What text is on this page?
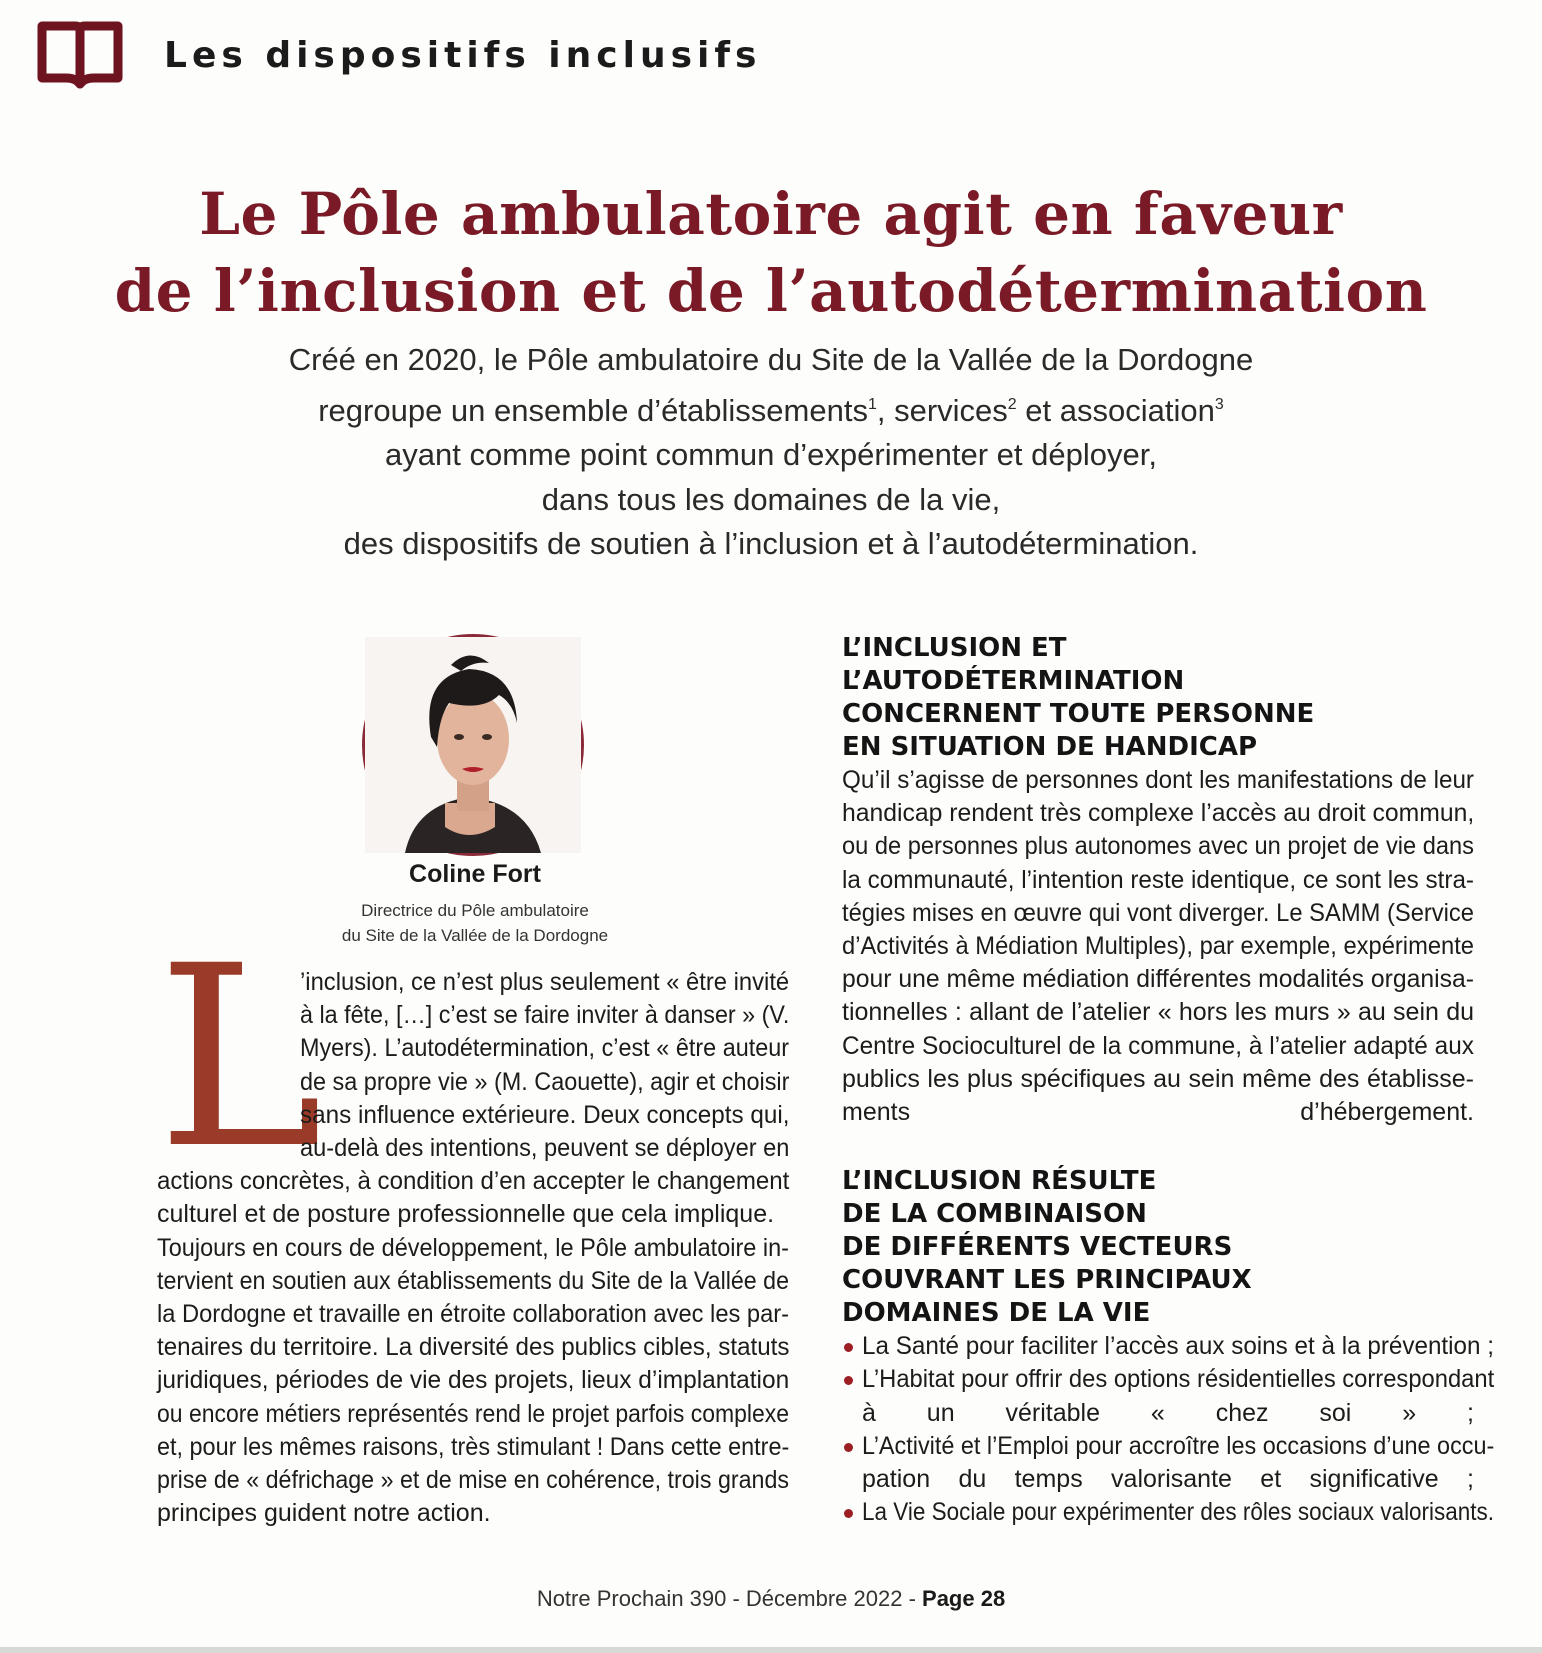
Les dispositifs inclusifs
Le Pôle ambulatoire agit en faveur
de l’inclusion et de l’autodétermination
Créé en 2020, le Pôle ambulatoire du Site de la Vallée de la Dordogne
regroupe un ensemble d’établissements$^1$, services$^2$ et association$^3$
ayant comme point commun d’expérimenter et déployer,
dans tous les domaines de la vie,
des dispositifs de soutien à l’inclusion et à l’autodétermination.
Coline Fort
Directrice du Pôle ambulatoire
du Site de la Vallée de la Dordogne
L
’inclusion, ce n’est plus seulement « être invité
à la fête, […] c’est se faire inviter à danser » (V.
Myers). L’autodétermination, c’est « être auteur
de sa propre vie » (M. Caouette), agir et choisir
sans influence extérieure. Deux concepts qui,
au-delà des intentions, peuvent se déployer en
actions concrètes, à condition d’en accepter le changement
culturel et de posture professionnelle que cela implique.
Toujours en cours de développement, le Pôle ambulatoire in-
tervient en soutien aux établissements du Site de la Vallée de
la Dordogne et travaille en étroite collaboration avec les par-
tenaires du territoire. La diversité des publics cibles, statuts
juridiques, périodes de vie des projets, lieux d’implantation
ou encore métiers représentés rend le projet parfois complexe
et, pour les mêmes raisons, très stimulant ! Dans cette entre-
prise de « défrichage » et de mise en cohérence, trois grands
principes guident notre action.
L’INCLUSION ET
L’AUTODÉTERMINATION
CONCERNENT TOUTE PERSONNE
EN SITUATION DE HANDICAP
Qu’il s’agisse de personnes dont les manifestations de leur
handicap rendent très complexe l’accès au droit commun,
ou de personnes plus autonomes avec un projet de vie dans
la communauté, l’intention reste identique, ce sont les stra-
tégies mises en œuvre qui vont diverger. Le SAMM (Service
d’Activités à Médiation Multiples), par exemple, expérimente
pour une même médiation différentes modalités organisa-
tionnelles : allant de l’atelier « hors les murs » au sein du
Centre Socioculturel de la commune, à l’atelier adapté aux
publics les plus spécifiques au sein même des établisse-
ments d’hébergement.
L’INCLUSION RÉSULTE
DE LA COMBINAISON
DE DIFFÉRENTS VECTEURS
COUVRANT LES PRINCIPAUX
DOMAINES DE LA VIE
La Santé pour faciliter l’accès aux soins et à la prévention ;
L’Habitat pour offrir des options résidentielles correspondant
à un véritable « chez soi » ;
L’Activité et l’Emploi pour accroître les occasions d’une occu-
pation du temps valorisante et significative ;
La Vie Sociale pour expérimenter des rôles sociaux valorisants.
Notre Prochain 390 - Décembre 2022 - Page 28
